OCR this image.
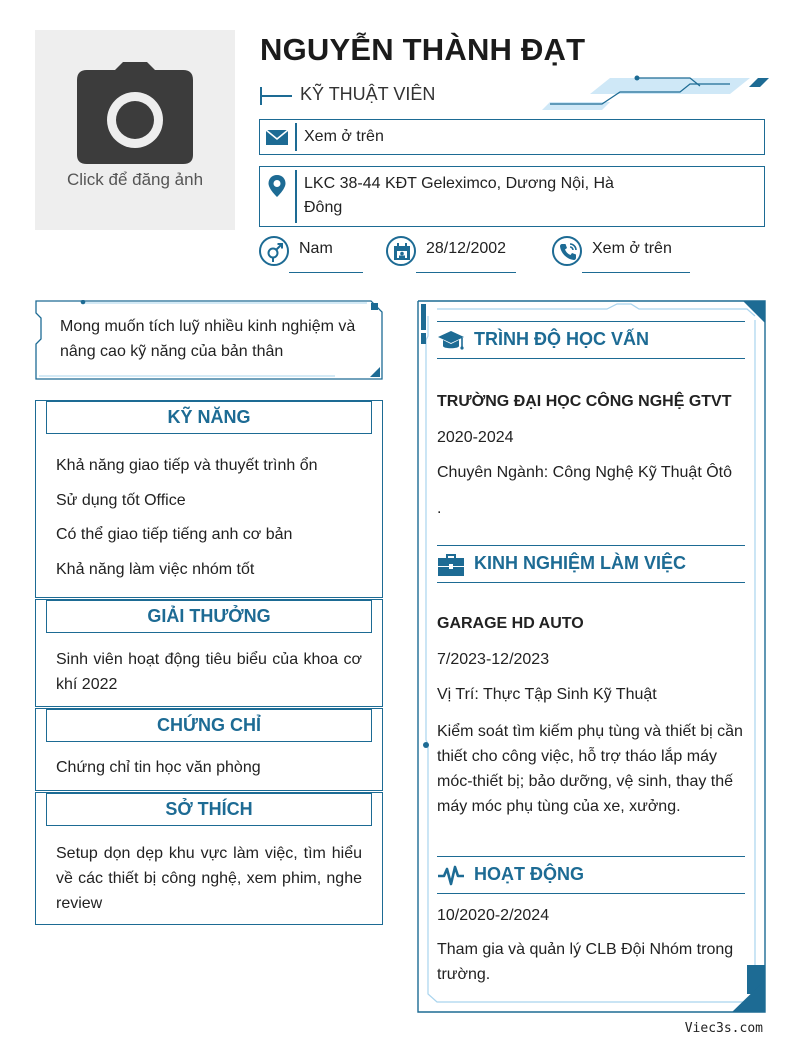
Click để đăng ảnh
NGUYỄN THÀNH ĐẠT
KỸ THUẬT VIÊN
Xem ở trên
LKC 38-44 KĐT Geleximco, Dương Nội, Hà Đông
Nam	28/12/2002	Xem ở trên
Mong muốn tích luỹ nhiều kinh nghiệm và nâng cao kỹ năng của bản thân
KỸ NĂNG
Khả năng giao tiếp và thuyết trình ổn
Sử dụng tốt Office
Có thể giao tiếp tiếng anh cơ bản
Khả năng làm việc nhóm tốt
GIẢI THƯỞNG
Sinh viên hoạt động tiêu biểu của khoa cơ khí 2022
CHỨNG CHỈ
Chứng chỉ tin học văn phòng
SỞ THÍCH
Setup dọn dẹp khu vực làm việc, tìm hiểu về các thiết bị công nghệ, xem phim, nghe review
TRÌNH ĐỘ HỌC VẤN
TRƯỜNG ĐẠI HỌC CÔNG NGHỆ GTVT
2020-2024
Chuyên Ngành: Công Nghệ Kỹ Thuật Ôtô
.
KINH NGHIỆM LÀM VIỆC
GARAGE HD AUTO
7/2023-12/2023
Vị Trí: Thực Tập Sinh Kỹ Thuật
Kiểm soát tìm kiếm phụ tùng và thiết bị cần thiết cho công việc, hỗ trợ tháo lắp máy móc-thiết bị; bảo dưỡng, vệ sinh, thay thế máy móc phụ tùng của xe, xưởng.
HOẠT ĐỘNG
10/2020-2/2024
Tham gia và quản lý CLB Đội Nhóm trong trường.
Viec3s.com
